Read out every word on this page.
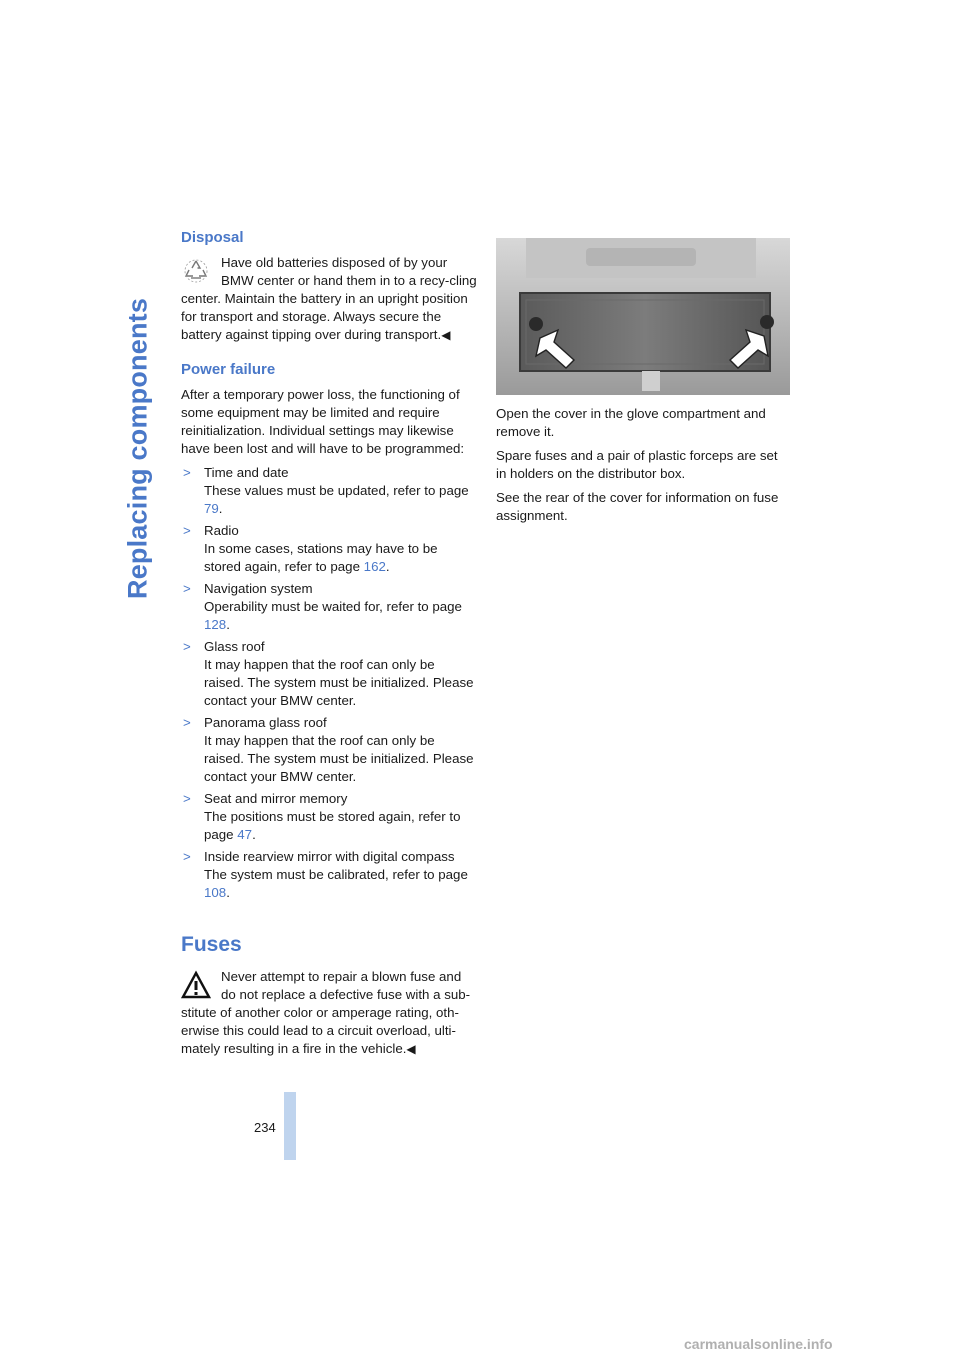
Replacing components
Disposal

Have old batteries disposed of by your BMW center or hand them in to a recy-cling center. Maintain the battery in an upright position for transport and storage. Always secure the battery against tipping over during transport.◀

Power failure

After a temporary power loss, the functioning of some equipment may be limited and require reinitialization. Individual settings may likewise have been lost and will have to be programmed:

> Time and date
These values must be updated, refer to page 79.
> Radio
In some cases, stations may have to be stored again, refer to page 162.
> Navigation system
Operability must be waited for, refer to page 128.
> Glass roof
It may happen that the roof can only be raised. The system must be initialized. Please contact your BMW center.
> Panorama glass roof
It may happen that the roof can only be raised. The system must be initialized. Please contact your BMW center.
> Seat and mirror memory
The positions must be stored again, refer to page 47.
> Inside rearview mirror with digital compass
The system must be calibrated, refer to page 108.
Fuses

Never attempt to repair a blown fuse and do not replace a defective fuse with a sub-stitute of another color or amperage rating, oth-erwise this could lead to a circuit overload, ulti-mately resulting in a fire in the vehicle.◀

Open the cover in the glove compartment and remove it.

Spare fuses and a pair of plastic forceps are set in holders on the distributor box.

See the rear of the cover for information on fuse assignment.

234
carmanualsonline.info
